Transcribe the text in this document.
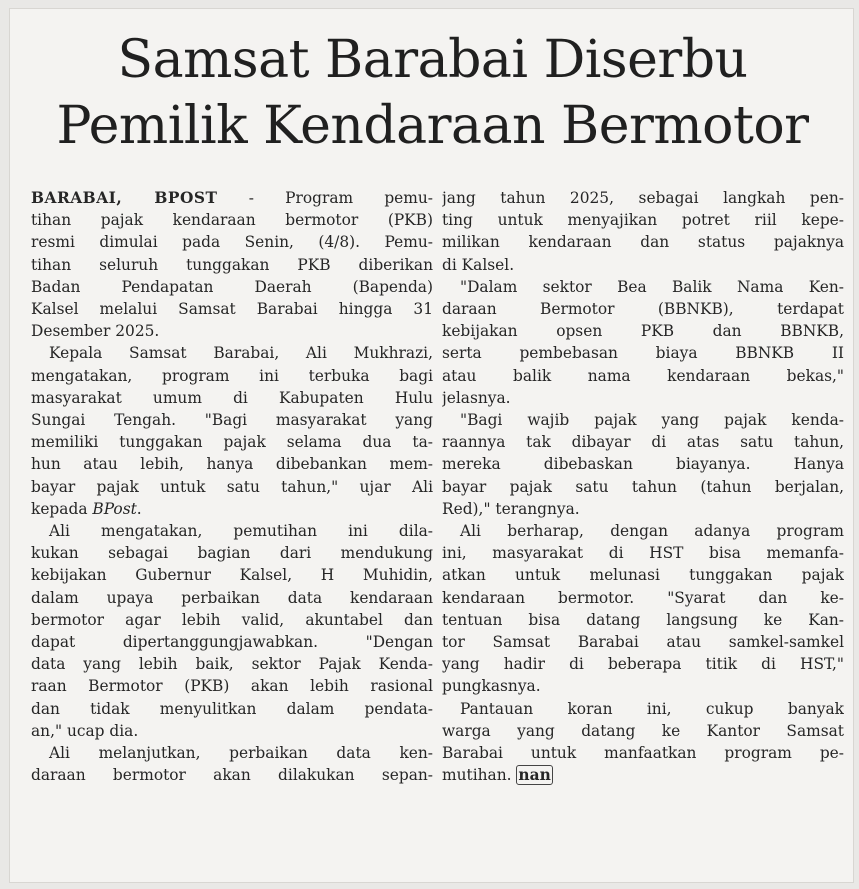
Samsat Barabai Diserbu
Pemilik Kendaraan Bermotor
BARABAI, BPOST - Program pemu-
tihan pajak kendaraan bermotor (PKB)
resmi dimulai pada Senin, (4/8). Pemu-
tihan seluruh tunggakan PKB diberikan
Badan Pendapatan Daerah (Bapenda)
Kalsel melalui Samsat Barabai hingga 31
Desember 2025.
Kepala Samsat Barabai, Ali Mukhrazi,
mengatakan, program ini terbuka bagi
masyarakat umum di Kabupaten Hulu
Sungai Tengah. "Bagi masyarakat yang
memiliki tunggakan pajak selama dua ta-
hun atau lebih, hanya dibebankan mem-
bayar pajak untuk satu tahun," ujar Ali
kepada BPost.
Ali mengatakan, pemutihan ini dila-
kukan sebagai bagian dari mendukung
kebijakan Gubernur Kalsel, H Muhidin,
dalam upaya perbaikan data kendaraan
bermotor agar lebih valid, akuntabel dan
dapat dipertanggungjawabkan. "Dengan
data yang lebih baik, sektor Pajak Kenda-
raan Bermotor (PKB) akan lebih rasional
dan tidak menyulitkan dalam pendata-
an," ucap dia.
Ali melanjutkan, perbaikan data ken-
daraan bermotor akan dilakukan sepan-
jang tahun 2025, sebagai langkah pen-
ting untuk menyajikan potret riil kepe-
milikan kendaraan dan status pajaknya
di Kalsel.
"Dalam sektor Bea Balik Nama Ken-
daraan Bermotor (BBNKB), terdapat
kebijakan opsen PKB dan BBNKB,
serta pembebasan biaya BBNKB II
atau balik nama kendaraan bekas,"
jelasnya.
"Bagi wajib pajak yang pajak kenda-
raannya tak dibayar di atas satu tahun,
mereka dibebaskan biayanya. Hanya
bayar pajak satu tahun (tahun berjalan,
Red)," terangnya.
Ali berharap, dengan adanya program
ini, masyarakat di HST bisa memanfa-
atkan untuk melunasi tunggakan pajak
kendaraan bermotor. "Syarat dan ke-
tentuan bisa datang langsung ke Kan-
tor Samsat Barabai atau samkel-samkel
yang hadir di beberapa titik di HST,"
pungkasnya.
Pantauan koran ini, cukup banyak
warga yang datang ke Kantor Samsat
Barabai untuk manfaatkan program pe-
mutihan. nan
